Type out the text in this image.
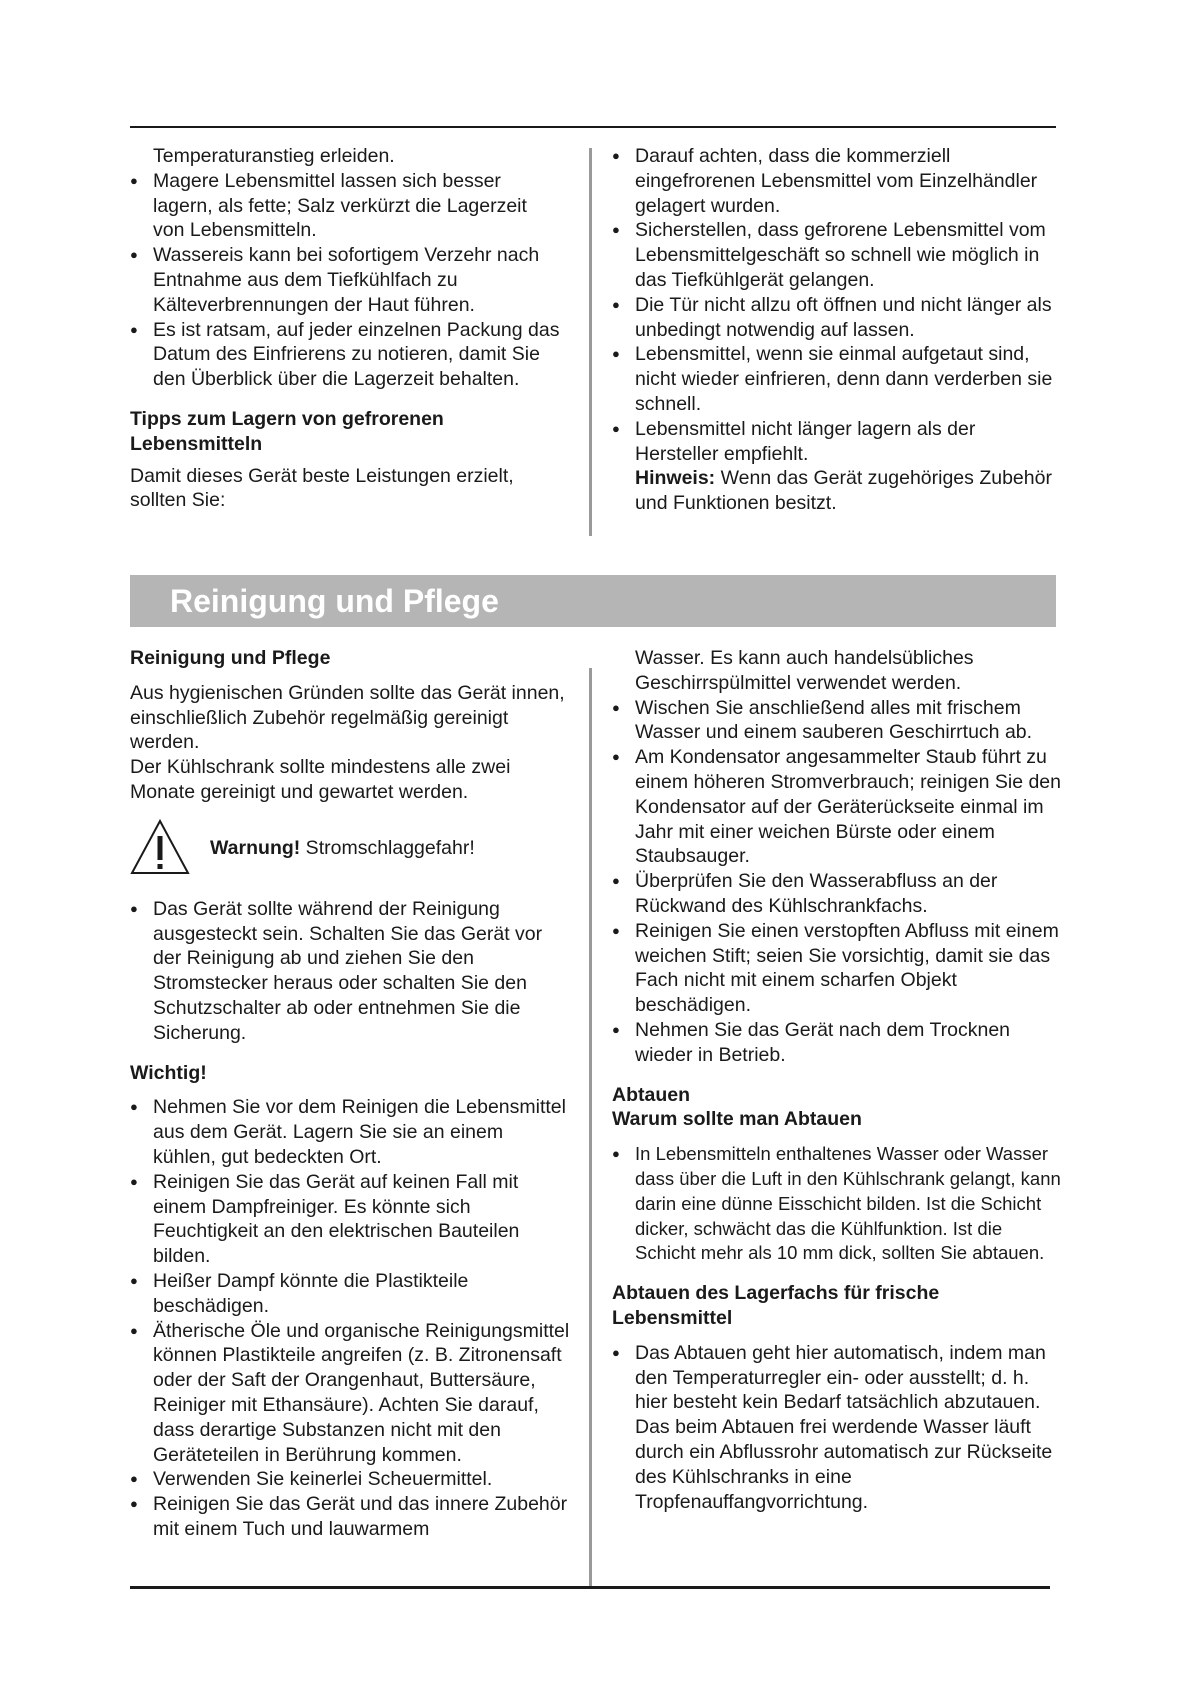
Temperaturanstieg erleiden.

● Magere Lebensmittel lassen sich besser lagern, als fette; Salz verkürzt die Lagerzeit von Lebensmitteln.
● Wassereis kann bei sofortigem Verzehr nach Entnahme aus dem Tiefkühlfach zu Kälteverbrennungen der Haut führen.
● Es ist ratsam, auf jeder einzelnen Packung das Datum des Einfrierens zu notieren, damit Sie den Überblick über die Lagerzeit behalten.

Tipps zum Lagern von gefrorenen Lebensmitteln

Damit dieses Gerät beste Leistungen erzielt, sollten Sie:

● Darauf achten, dass die kommerziell eingefrorenen Lebensmittel vom Einzelhändler gelagert wurden.
● Sicherstellen, dass gefrorene Lebensmittel vom Lebensmittelgeschäft so schnell wie möglich in das Tiefkühlgerät gelangen.
● Die Tür nicht allzu oft öffnen und nicht länger als unbedingt notwendig auf lassen.
● Lebensmittel, wenn sie einmal aufgetaut sind, nicht wieder einfrieren, denn dann verderben sie schnell.
● Lebensmittel nicht länger lagern als der Hersteller empfiehlt.

Hinweis: Wenn das Gerät zugehöriges Zubehör und Funktionen besitzt.

Reinigung und Pflege

Reinigung und Pflege

Aus hygienischen Gründen sollte das Gerät innen, einschließlich Zubehör regelmäßig gereinigt werden.

Der Kühlschrank sollte mindestens alle zwei Monate gereinigt und gewartet werden.

Warnung! Stromschlaggefahr!
● Das Gerät sollte während der Reinigung ausgesteckt sein. Schalten Sie das Gerät vor der Reinigung ab und ziehen Sie den Stromstecker heraus oder schalten Sie den Schutzschalter ab oder entnehmen Sie die Sicherung.

Wichtig!

● Nehmen Sie vor dem Reinigen die Lebensmittel aus dem Gerät. Lagern Sie sie an einem kühlen, gut bedeckten Ort.
● Reinigen Sie das Gerät auf keinen Fall mit einem Dampfreiniger. Es könnte sich Feuchtigkeit an den elektrischen Bauteilen bilden.
● Heißer Dampf könnte die Plastikteile beschädigen.
● Ätherische Öle und organische Reinigungsmittel können Plastikteile angreifen (z. B. Zitronensaft oder der Saft der Orangenhaut, Buttersäure, Reiniger mit Ethansäure). Achten Sie darauf, dass derartige Substanzen nicht mit den Geräteteilen in Berührung kommen.
● Verwenden Sie keinerlei Scheuermittel.
● Reinigen Sie das Gerät und das innere Zubehör mit einem Tuch und lauwarmem

Wasser. Es kann auch handelsübliches Geschirrspülmittel verwendet werden.

● Wischen Sie anschließend alles mit frischem Wasser und einem sauberen Geschirrtuch ab.
● Am Kondensator angesammelter Staub führt zu einem höheren Stromverbrauch; reinigen Sie den Kondensator auf der Geräterückseite einmal im Jahr mit einer weichen Bürste oder einem Staubsauger.
● Überprüfen Sie den Wasserabfluss an der Rückwand des Kühlschrankfachs.
● Reinigen Sie einen verstopften Abfluss mit einem weichen Stift; seien Sie vorsichtig, damit sie das Fach nicht mit einem scharfen Objekt beschädigen.
● Nehmen Sie das Gerät nach dem Trocknen wieder in Betrieb.

Abtauen

Warum sollte man Abtauen

● In Lebensmitteln enthaltenes Wasser oder Wasser dass über die Luft in den Kühlschrank gelangt, kann darin eine dünne Eisschicht bilden. Ist die Schicht dicker, schwächt das die Kühlfunktion. Ist die Schicht mehr als 10 mm dick, sollten Sie abtauen.

Abtauen des Lagerfachs für frische Lebensmittel

● Das Abtauen geht hier automatisch, indem man den Temperaturregler ein- oder ausstellt; d. h. hier besteht kein Bedarf tatsächlich abzutauen. Das beim Abtauen frei werdende Wasser läuft durch ein Abflussrohr automatisch zur Rückseite des Kühlschranks in eine Tropfenauffangvorrichtung.
